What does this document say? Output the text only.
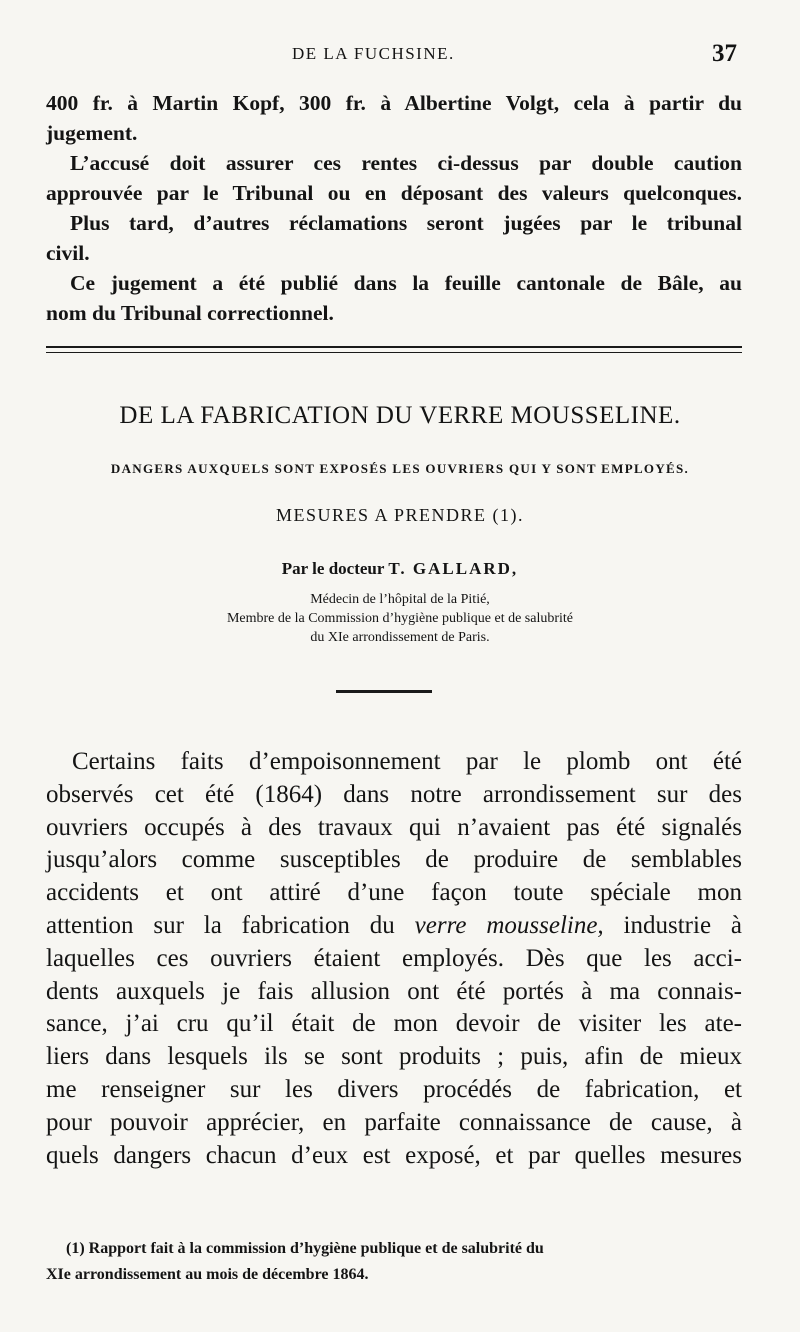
DE LA FUCHSINE.	37

400 fr. à Martin Kopf, 300 fr. à Albertine Volgt, cela à partir du

jugement.

L’accusé doit assurer ces rentes ci-dessus par double caution

approuvée par le Tribunal ou en déposant des valeurs quelconques.

Plus tard, d’autres réclamations seront jugées par le tribunal

civil.

Ce jugement a été publié dans la feuille cantonale de Bâle, au

nom du Tribunal correctionnel.

DE LA FABRICATION DU VERRE MOUSSELINE.
DANGERS AUXQUELS SONT EXPOSÉS LES OUVRIERS QUI Y SONT EMPLOYÉS.
MESURES A PRENDRE (1).
Par le docteur T. GALLARD,
Médecin de l’hôpital de la Pitié,
Membre de la Commission d’hygiène publique et de salubrité
du XIe arrondissement de Paris.

Certains faits d’empoisonnement par le plomb ont été

observés cet été (1864) dans notre arrondissement sur des

ouvriers occupés à des travaux qui n’avaient pas été signalés

jusqu’alors comme susceptibles de produire de semblables

accidents et ont attiré d’une façon toute spéciale mon

attention sur la fabrication du verre mousseline, industrie à

laquelles ces ouvriers étaient employés. Dès que les acci-

dents auxquels je fais allusion ont été portés à ma connais-

sance, j’ai cru qu’il était de mon devoir de visiter les ate-

liers dans lesquels ils se sont produits ; puis, afin de mieux

me renseigner sur les divers procédés de fabrication, et

pour pouvoir apprécier, en parfaite connaissance de cause, à

quels dangers chacun d’eux est exposé, et par quelles mesures

(1) Rapport fait à la commission d’hygiène publique et de salubrité du

XIe arrondissement au mois de décembre 1864.
